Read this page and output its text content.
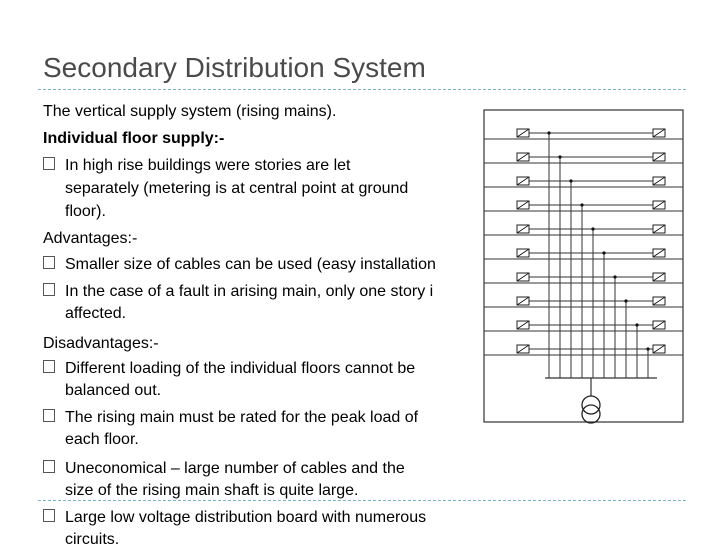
Secondary Distribution System
The vertical supply system (rising mains).
Individual floor supply:-
In high rise buildings were stories are let
separately (metering is at central point at ground
floor).
Advantages:-
Smaller size of cables can be used (easy installation
In the case of a fault in arising main, only one story i
affected.
Disadvantages:-
Different loading of the individual floors cannot be
balanced out.
The rising main must be rated for the peak load of
each floor.
Uneconomical – large number of cables and the
size of the rising main shaft is quite large.
Large low voltage distribution board with numerous
circuits.
